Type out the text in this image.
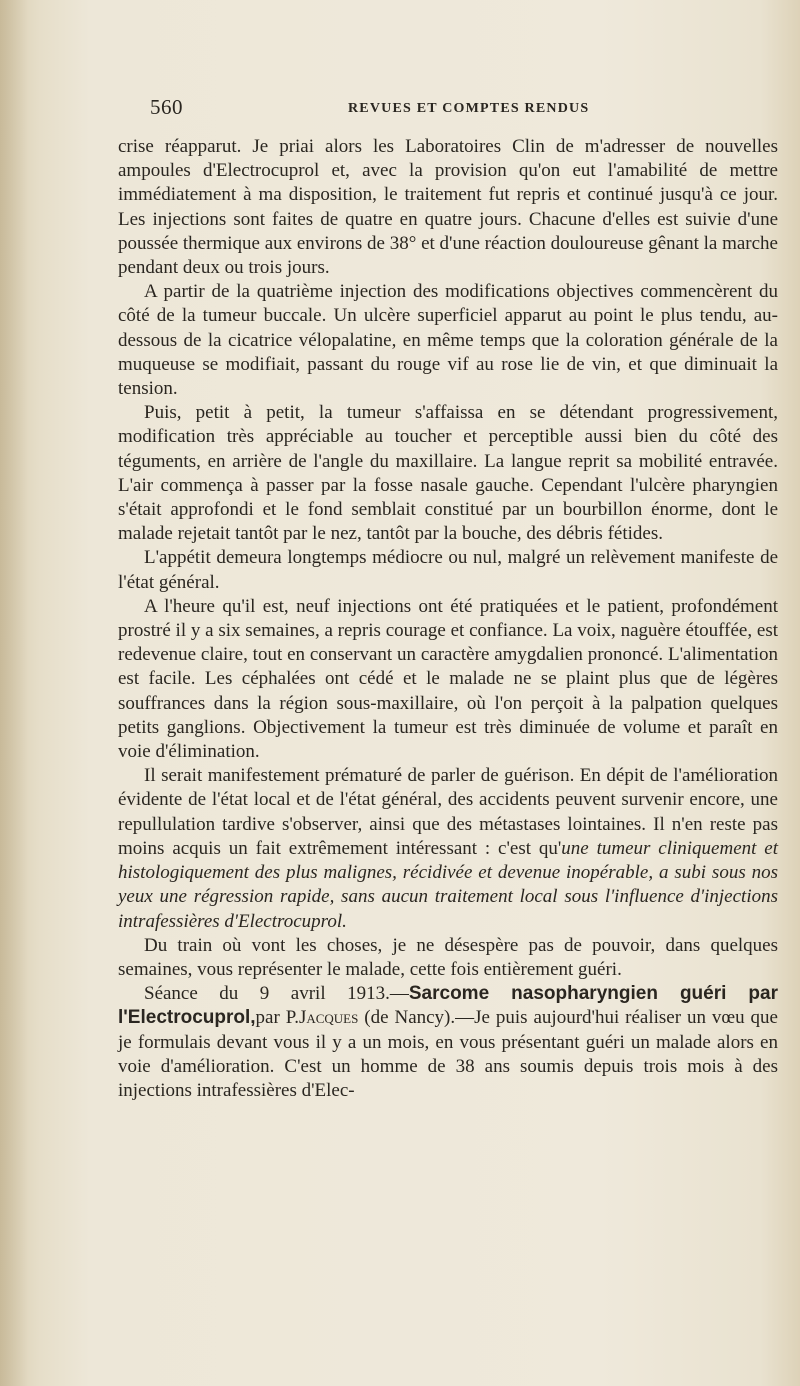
560	REVUES ET COMPTES RENDUS

crise réapparut. Je priai alors les Laboratoires Clin de m'adresser de nouvelles ampoules d'Electrocuprol et, avec la provision qu'on eut l'amabilité de mettre immédiatement à ma disposition, le traitement fut repris et continué jusqu'à ce jour. Les injections sont faites de quatre en quatre jours. Chacune d'elles est suivie d'une poussée thermique aux environs de 38° et d'une réaction douloureuse gênant la marche pendant deux ou trois jours.

A partir de la quatrième injection des modifications objectives commencèrent du côté de la tumeur buccale. Un ulcère superficiel apparut au point le plus tendu, au-dessous de la cicatrice vélopalatine, en même temps que la coloration générale de la muqueuse se modifiait, passant du rouge vif au rose lie de vin, et que diminuait la tension.

Puis, petit à petit, la tumeur s'affaissa en se détendant progressivement, modification très appréciable au toucher et perceptible aussi bien du côté des téguments, en arrière de l'angle du maxillaire. La langue reprit sa mobilité entravée. L'air commença à passer par la fosse nasale gauche. Cependant l'ulcère pharyngien s'était approfondi et le fond semblait constitué par un bourbillon énorme, dont le malade rejetait tantôt par le nez, tantôt par la bouche, des débris fétides.

L'appétit demeura longtemps médiocre ou nul, malgré un relèvement manifeste de l'état général.

A l'heure qu'il est, neuf injections ont été pratiquées et le patient, profondément prostré il y a six semaines, a repris courage et confiance. La voix, naguère étouffée, est redevenue claire, tout en conservant un caractère amygdalien prononcé. L'alimentation est facile. Les céphalées ont cédé et le malade ne se plaint plus que de légères souffrances dans la région sous-maxillaire, où l'on perçoit à la palpation quelques petits ganglions. Objectivement la tumeur est très diminuée de volume et paraît en voie d'élimination.

Il serait manifestement prématuré de parler de guérison. En dépit de l'amélioration évidente de l'état local et de l'état général, des accidents peuvent survenir encore, une repullulation tardive s'observer, ainsi que des métastases lointaines. Il n'en reste pas moins acquis un fait extrêmement intéressant : c'est qu'une tumeur cliniquement et histologiquement des plus malignes, récidivée et devenue inopérable, a subi sous nos yeux une régression rapide, sans aucun traitement local sous l'influence d'injections intrafessières d'Electrocuprol.

Du train où vont les choses, je ne désespère pas de pouvoir, dans quelques semaines, vous représenter le malade, cette fois entièrement guéri.

Séance du 9 avril 1913.—Sarcome nasopharyngien guéri par l'Electrocuprol,par P.Jacques (de Nancy).—Je puis aujourd'hui réaliser un vœu que je formulais devant vous il y a un mois, en vous présentant guéri un malade alors en voie d'amélioration. C'est un homme de 38 ans soumis depuis trois mois à des injections intrafessières d'Elec-
